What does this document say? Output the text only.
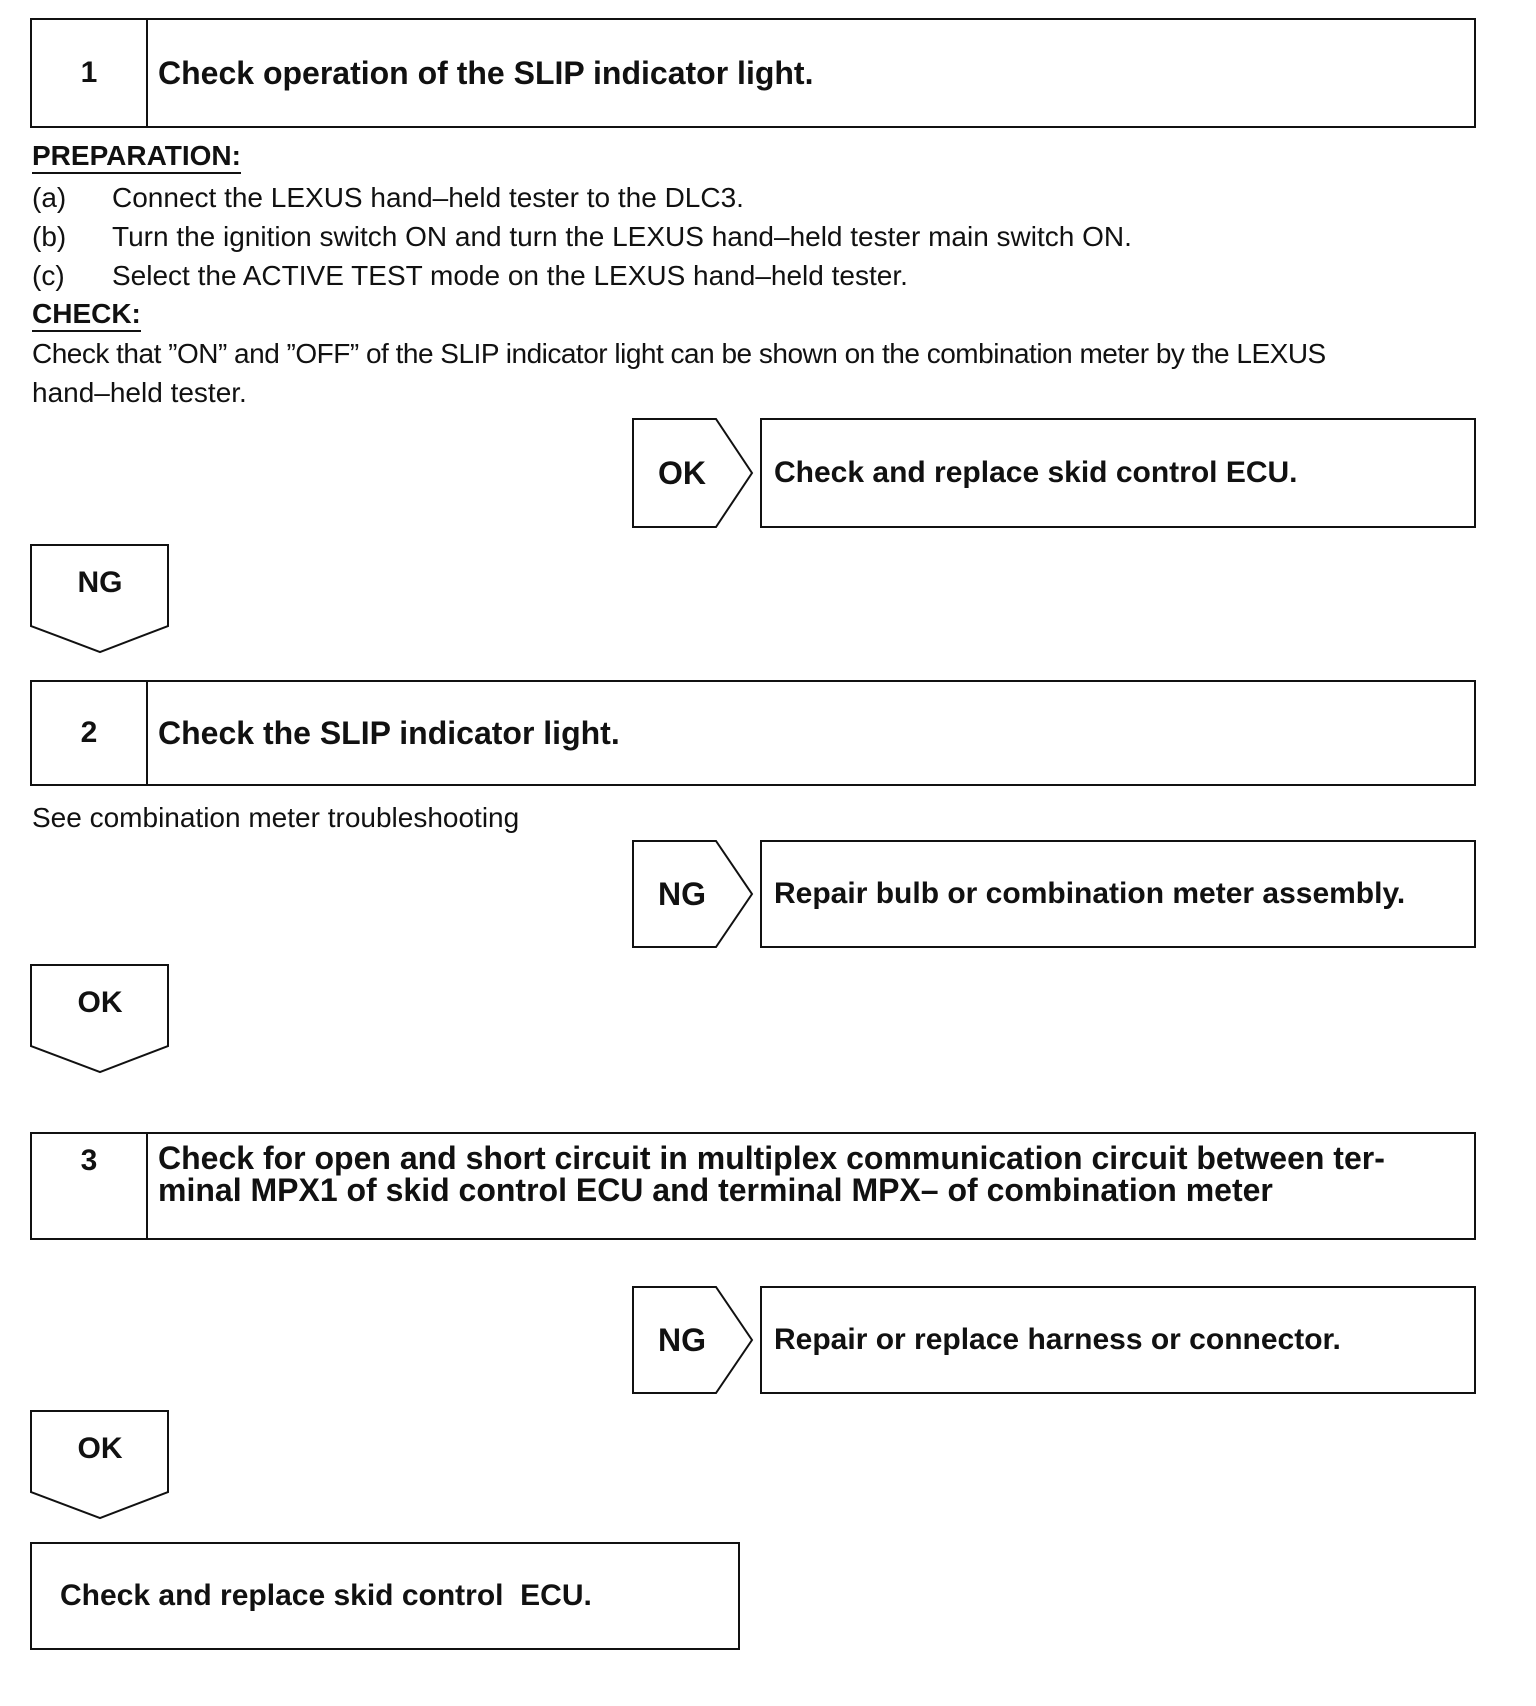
1	Check operation of the SLIP indicator light.
PREPARATION:
(a) Connect the LEXUS hand–held tester to the DLC3.
(b) Turn the ignition switch ON and turn the LEXUS hand–held tester main switch ON.
(c) Select the ACTIVE TEST mode on the LEXUS hand–held tester.
CHECK:
Check that ”ON” and ”OFF” of the SLIP indicator light can be shown on the combination meter by the LEXUS
hand–held tester.
OK	Check and replace skid control ECU.
NG
2	Check the SLIP indicator light.
See combination meter troubleshooting
NG	Repair bulb or combination meter assembly.
OK
3	Check for open and short circuit in multiplex communication circuit between ter-
minal MPX1 of skid control ECU and terminal MPX– of combination meter
NG	Repair or replace harness or connector.
OK
Check and replace skid control  ECU.
